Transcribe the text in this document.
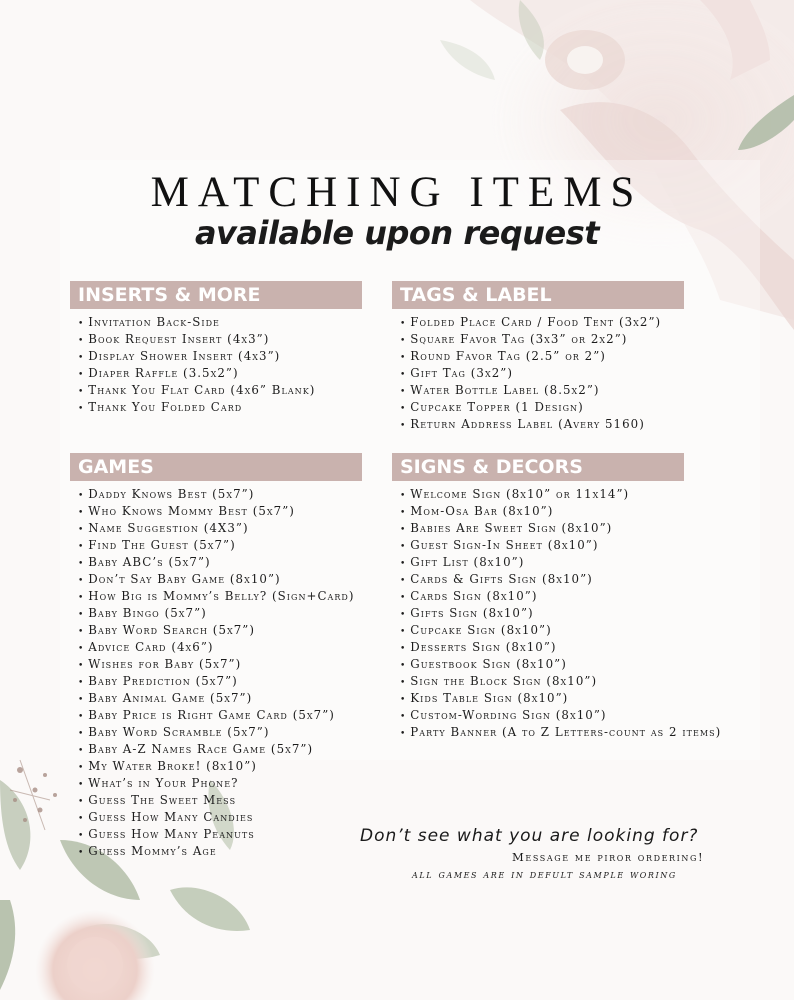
MATCHING ITEMS
available upon request
INSERTS & MORE
• Invitation Back-Side
• Book Request Insert (4x3”)
• Display Shower Insert (4x3”)
• Diaper Raffle (3.5x2”)
• Thank You Flat Card (4x6” Blank)
• Thank You Folded Card
TAGS & LABEL
• Folded Place Card / Food Tent (3x2”)
• Square Favor Tag (3x3” or 2x2”)
• Round Favor Tag (2.5” or 2”)
• Gift Tag (3x2”)
• Water Bottle Label (8.5x2”)
• Cupcake Topper (1 Design)
• Return Address Label (Avery 5160)
GAMES
• Daddy Knows Best (5x7”)
• Who Knows Mommy Best (5x7”)
• Name Suggestion (4X3”)
• Find The Guest (5x7”)
• Baby ABC’s (5x7”)
• Don’t Say Baby Game (8x10”)
• How Big is Mommy’s Belly? (Sign+Card)
• Baby Bingo (5x7”)
• Baby Word Search (5x7”)
• Advice Card (4x6”)
• Wishes for Baby (5x7”)
• Baby Prediction (5x7”)
• Baby Animal Game (5x7”)
• Baby Price is Right Game Card (5x7”)
• Baby Word Scramble (5x7”)
• Baby A-Z Names Race Game (5x7”)
• My Water Broke! (8x10”)
• What’s in Your Phone?
• Guess The Sweet Mess
• Guess How Many Candies
• Guess How Many Peanuts
• Guess Mommy’s Age
SIGNS & DECORS
• Welcome Sign (8x10” or 11x14”)
• Mom-Osa Bar (8x10”)
• Babies Are Sweet Sign (8x10”)
• Guest Sign-In Sheet (8x10”)
• Gift List (8x10”)
• Cards & Gifts Sign (8x10”)
• Cards Sign (8x10”)
• Gifts Sign (8x10”)
• Cupcake Sign (8x10”)
• Desserts Sign (8x10”)
• Guestbook Sign (8x10”)
• Sign the Block Sign (8x10”)
• Kids Table Sign (8x10”)
• Custom-Wording Sign (8x10”)
• Party Banner (A to Z Letters-count as 2 items)
Don’t see what you are looking for?
Message me piror ordering!
all games are in defult sample woring
